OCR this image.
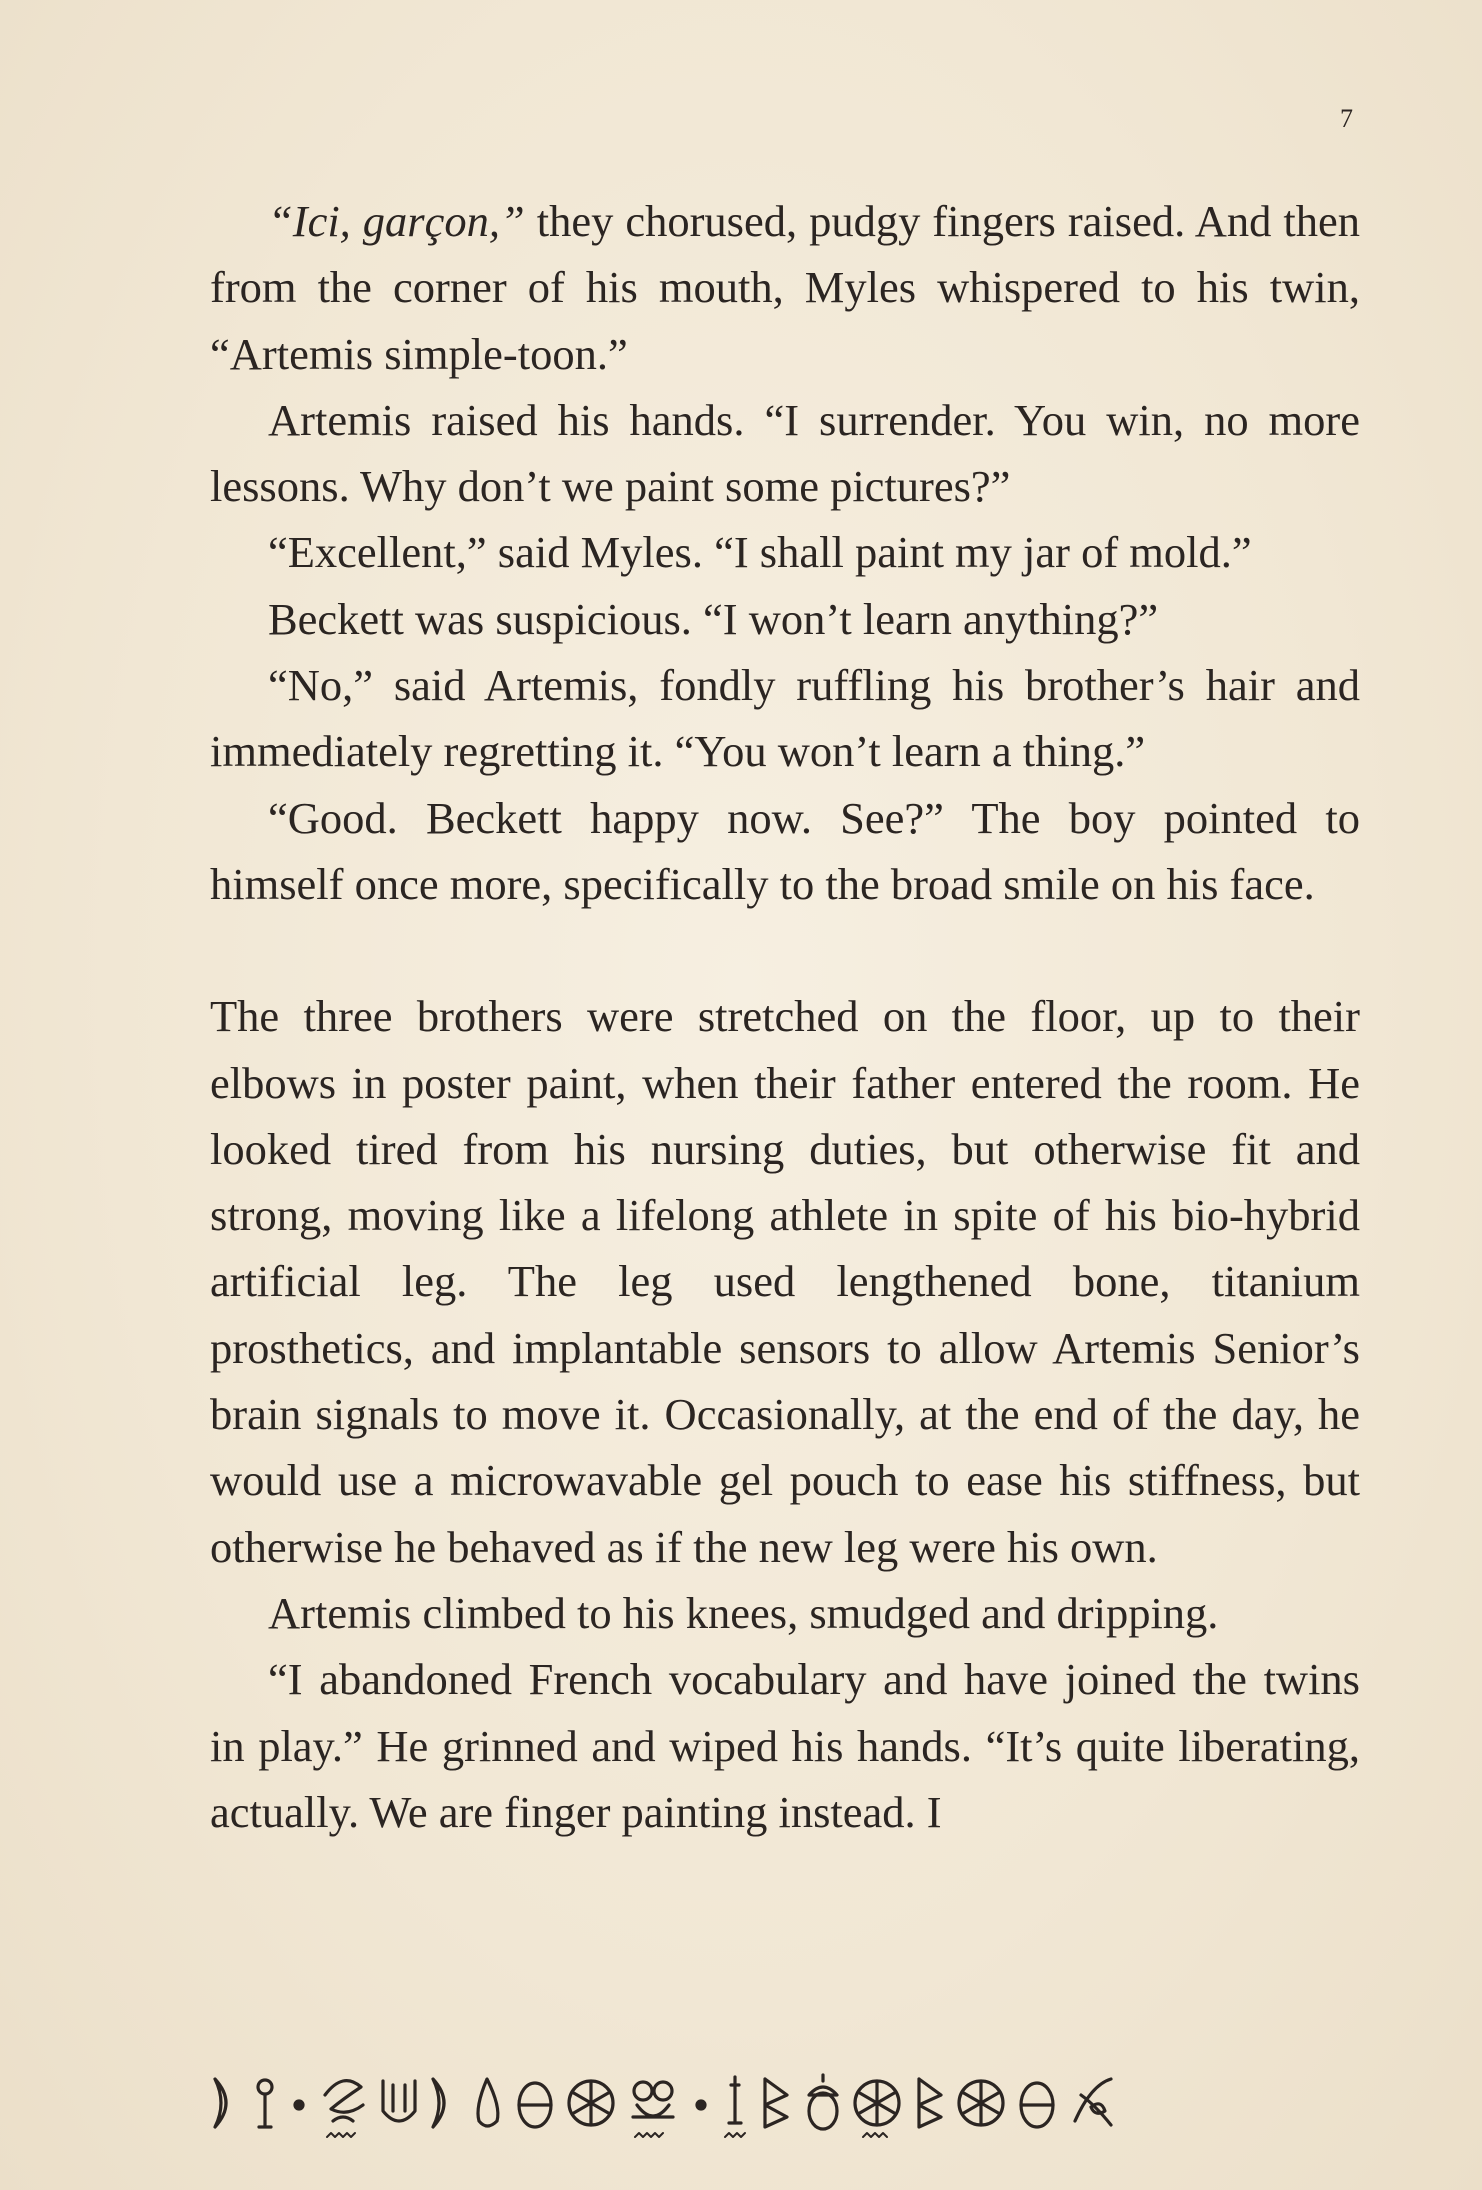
7

“Ici, garçon,” they chorused, pudgy fingers raised. And then from the corner of his mouth, Myles whispered to his twin, “Artemis simple-toon.”

Artemis raised his hands. “I surrender. You win, no more lessons. Why don’t we paint some pictures?”

“Excellent,” said Myles. “I shall paint my jar of mold.”

Beckett was suspicious. “I won’t learn anything?”

“No,” said Artemis, fondly ruffling his brother’s hair and immediately regretting it. “You won’t learn a thing.”

“Good. Beckett happy now. See?” The boy pointed to himself once more, specifically to the broad smile on his face.

The three brothers were stretched on the floor, up to their elbows in poster paint, when their father entered the room. He looked tired from his nursing duties, but otherwise fit and strong, moving like a lifelong athlete in spite of his bio-hybrid artificial leg. The leg used lengthened bone, titanium prosthetics, and implantable sensors to allow Artemis Senior’s brain signals to move it. Occasionally, at the end of the day, he would use a microwavable gel pouch to ease his stiffness, but otherwise he behaved as if the new leg were his own.

Artemis climbed to his knees, smudged and dripping.

“I abandoned French vocabulary and have joined the twins in play.” He grinned and wiped his hands. “It’s quite liberating, actually. We are finger painting instead. I
